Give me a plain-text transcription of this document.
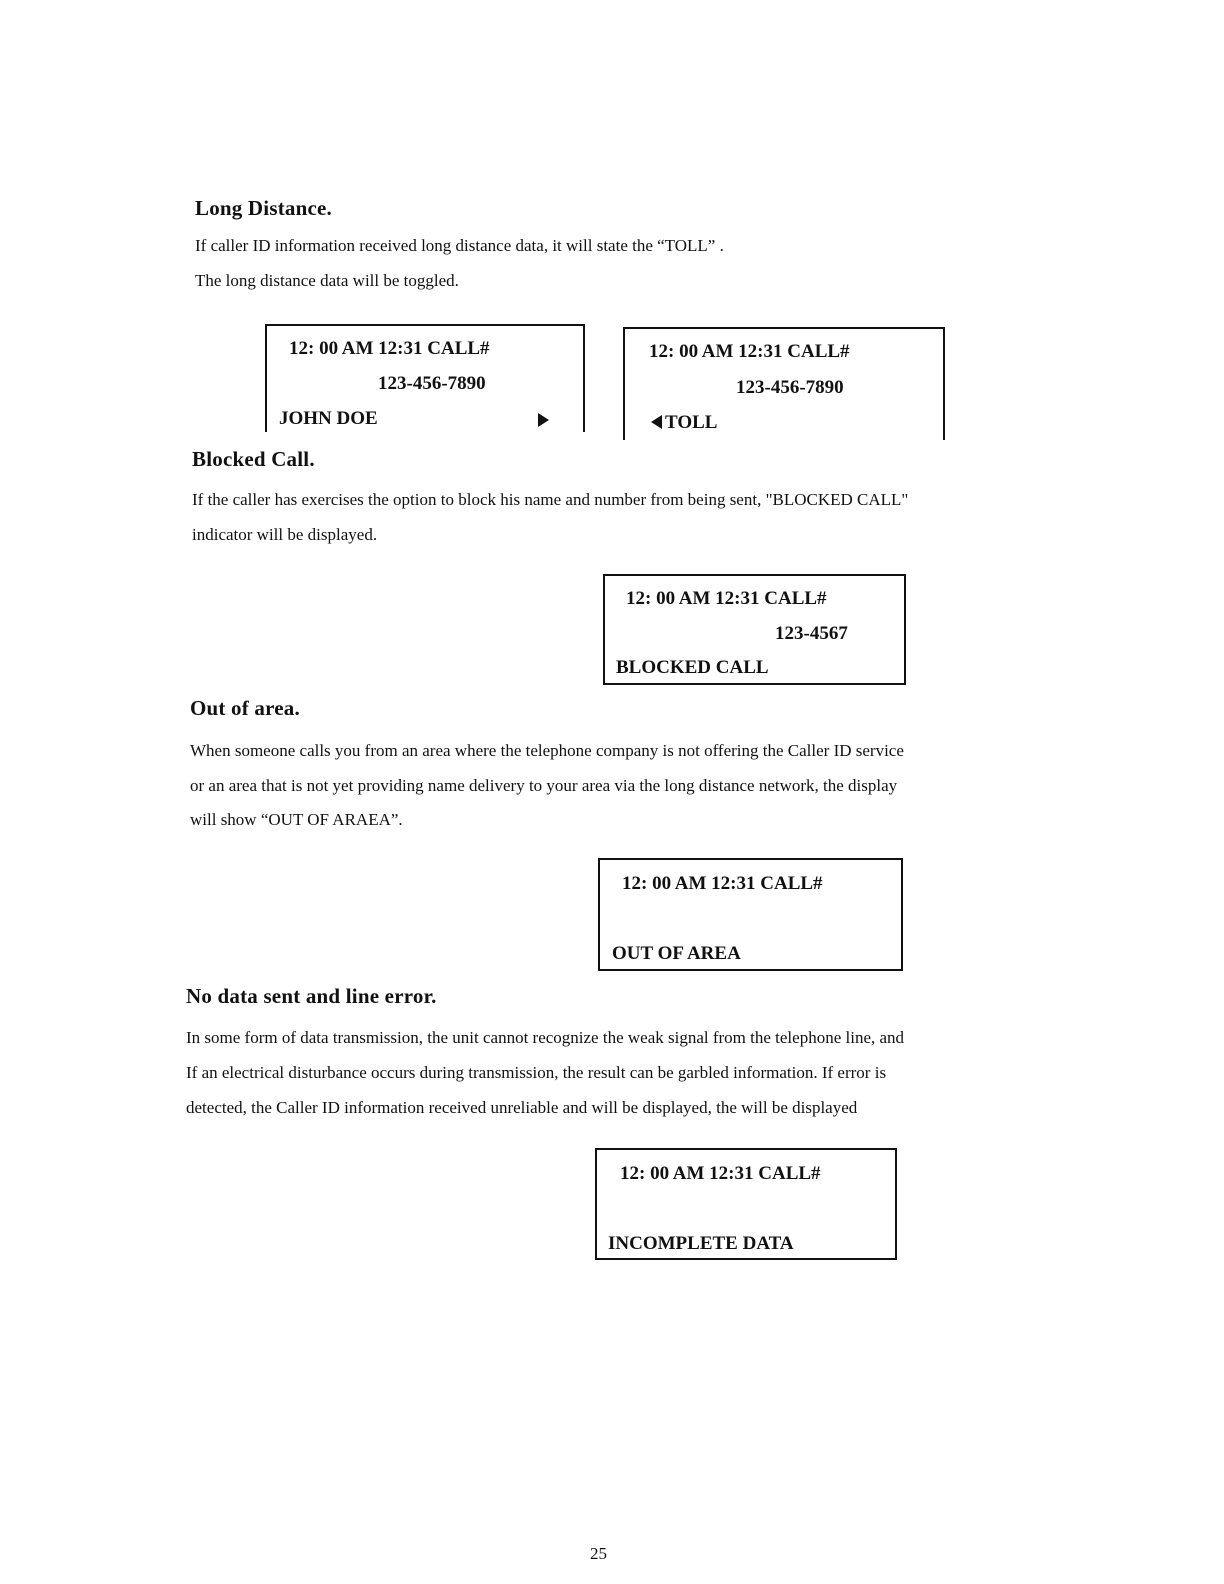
Long Distance.

If caller ID information received long distance data, it will state the “TOLL” .

The long distance data will be toggled.

12: 00 AM 12:31 CALL#
123-456-7890
JOHN DOE
12: 00 AM 12:31 CALL#
123-456-7890
TOLL
Blocked Call.

If the caller has exercises the option to block his name and number from being sent, "BLOCKED CALL"

indicator will be displayed.

12: 00 AM 12:31 CALL#
123-4567
BLOCKED CALL
Out of area.

When someone calls you from an area where the telephone company is not offering the Caller ID service

or an area that is not yet providing name delivery to your area via the long distance network, the display

will show “OUT OF ARAEA”.

12: 00 AM 12:31 CALL#
OUT OF AREA
No data sent and line error.

In some form of data transmission, the unit cannot recognize the weak signal from the telephone line, and

If an electrical disturbance occurs during transmission, the result can be garbled information. If error is

detected, the Caller ID information received unreliable and will be displayed, the will be displayed

12: 00 AM 12:31 CALL#
INCOMPLETE DATA
25
